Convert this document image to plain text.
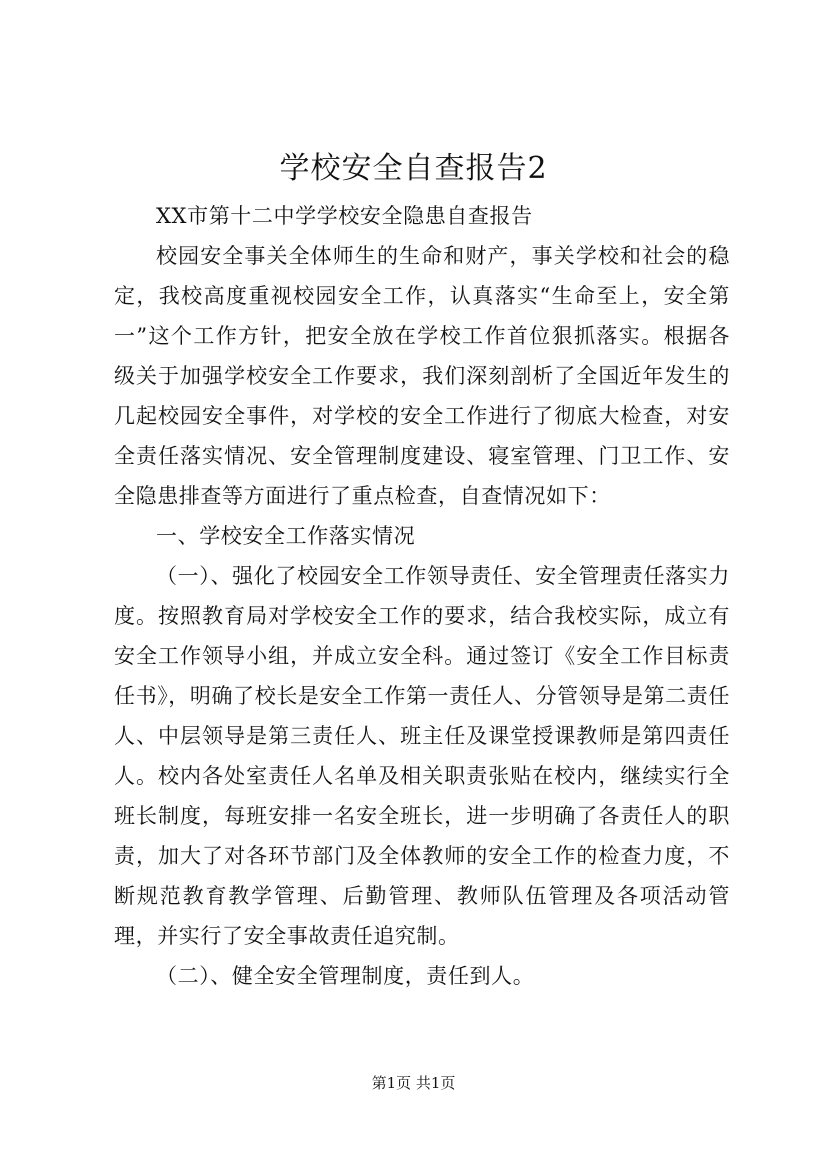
学校安全自查报告2

XX市第十二中学学校安全隐患自查报告

校园安全事关全体师生的生命和财产，事关学校和社会的稳定，我校高度重视校园安全工作，认真落实“生命至上，安全第一”这个工作方针，把安全放在学校工作首位狠抓落实。根据各级关于加强学校安全工作要求，我们深刻剖析了全国近年发生的几起校园安全事件，对学校的安全工作进行了彻底大检查，对安全责任落实情况、安全管理制度建设、寝室管理、门卫工作、安全隐患排查等方面进行了重点检查，自查情况如下：

一、学校安全工作落实情况

（一）、强化了校园安全工作领导责任、安全管理责任落实力度。按照教育局对学校安全工作的要求，结合我校实际，成立有安全工作领导小组，并成立安全科。通过签订《安全工作目标责任书》，明确了校长是安全工作第一责任人、分管领导是第二责任人、中层领导是第三责任人、班主任及课堂授课教师是第四责任人。校内各处室责任人名单及相关职责张贴在校内，继续实行全班长制度，每班安排一名安全班长，进一步明确了各责任人的职责，加大了对各环节部门及全体教师的安全工作的检查力度，不断规范教育教学管理、后勤管理、教师队伍管理及各项活动管理，并实行了安全事故责任追究制。

（二）、健全安全管理制度，责任到人。

第1页 共1页
